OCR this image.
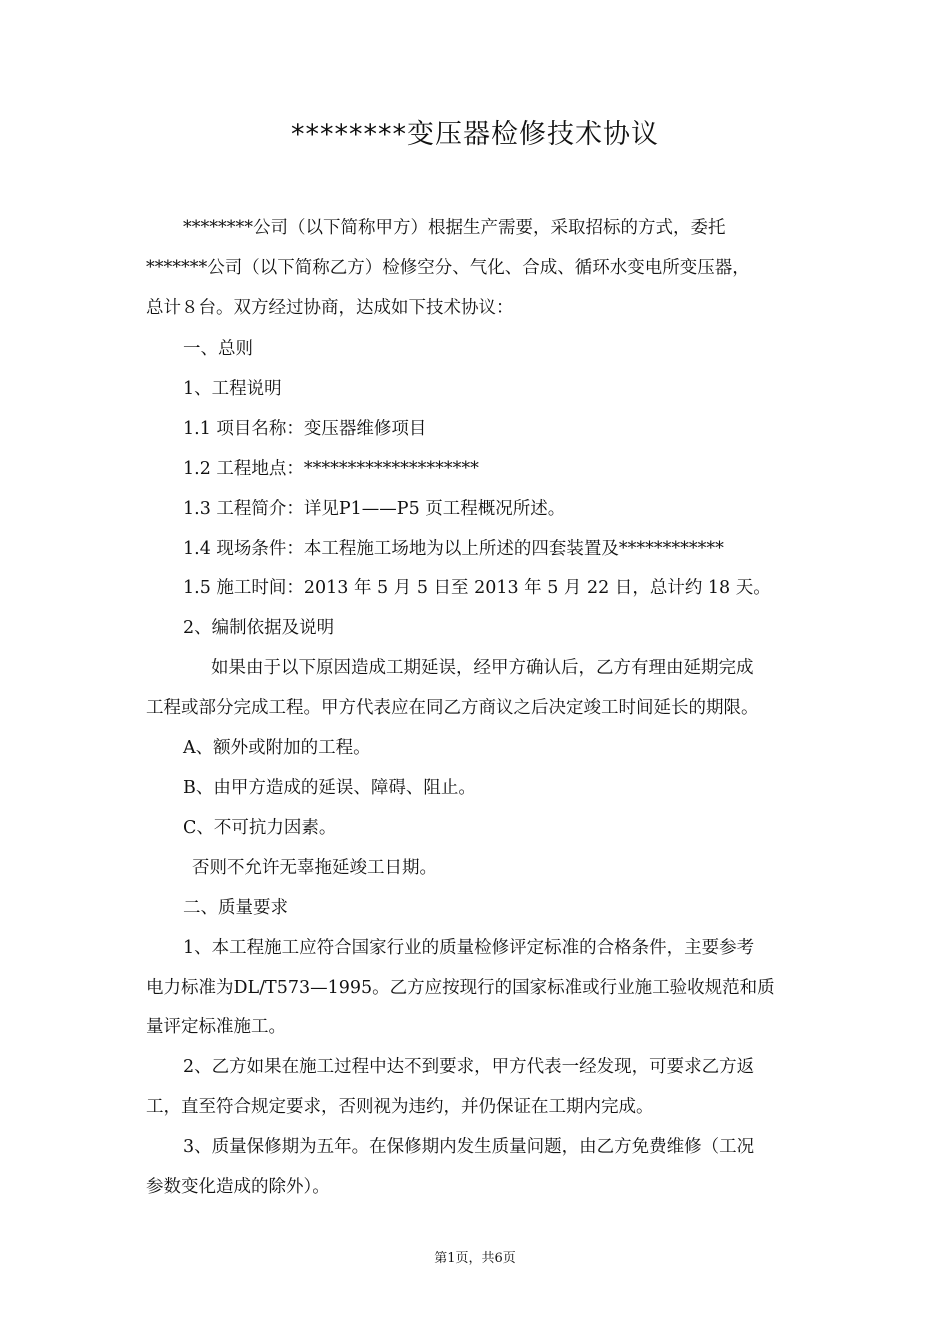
********变压器检修技术协议
********公司（以下简称甲方）根据生产需要，采取招标的方式，委托
*******公司（以下简称乙方）检修空分、气化、合成、循环水变电所变压器，
总计８台。双方经过协商，达成如下技术协议：
一、总则
1、工程说明
1.1 项目名称：变压器维修项目
1.2 工程地点：********************
1.3 工程简介：详见P1——P5 页工程概况所述。
1.4 现场条件：本工程施工场地为以上所述的四套装置及************
1.5 施工时间：2013 年 5 月 5 日至 2013 年 5 月 22 日，总计约 18 天。
2、编制依据及说明
如果由于以下原因造成工期延误，经甲方确认后，乙方有理由延期完成
工程或部分完成工程。甲方代表应在同乙方商议之后决定竣工时间延长的期限。
A、额外或附加的工程。
B、由甲方造成的延误、障碍、阻止。
C、不可抗力因素。
否则不允许无辜拖延竣工日期。
二、质量要求
1、本工程施工应符合国家行业的质量检修评定标准的合格条件，主要参考
电力标准为DL/T573—1995。乙方应按现行的国家标准或行业施工验收规范和质
量评定标准施工。
2、乙方如果在施工过程中达不到要求，甲方代表一经发现，可要求乙方返
工，直至符合规定要求，否则视为违约，并仍保证在工期内完成。
3、质量保修期为五年。在保修期内发生质量问题，由乙方免费维修（工况
参数变化造成的除外）。
第1页，共6页
